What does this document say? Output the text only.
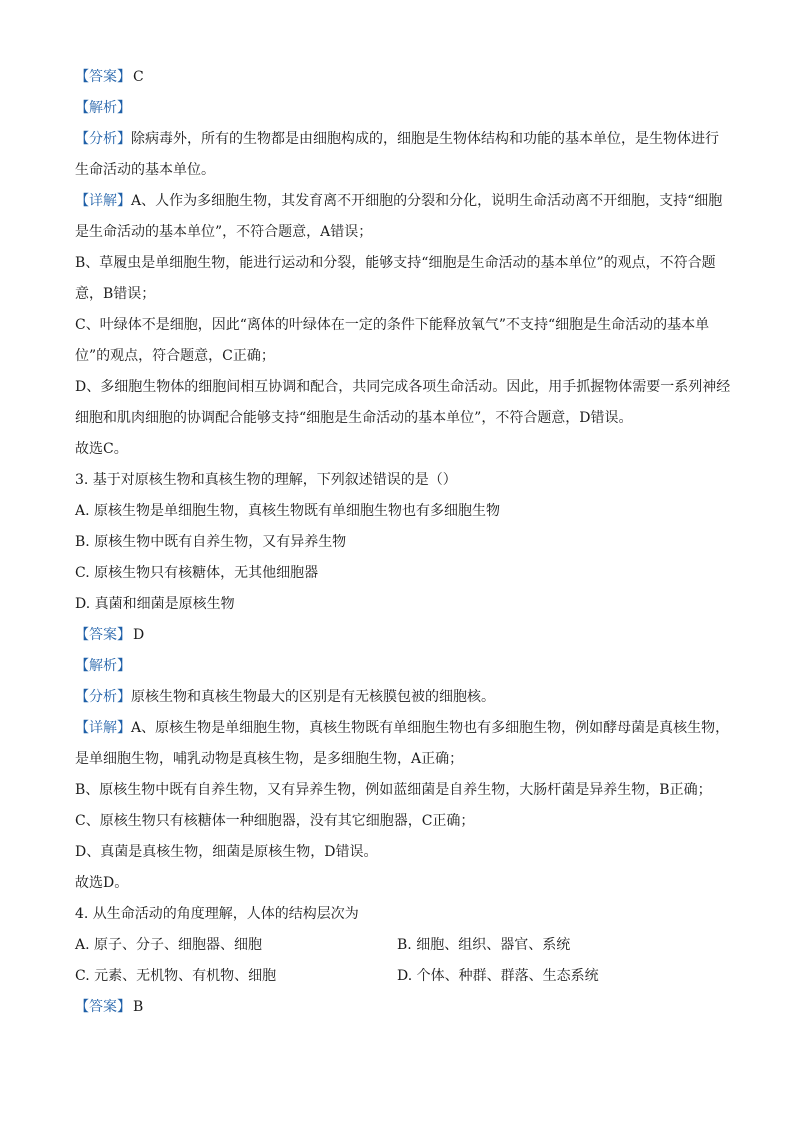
【答案】 C
【解析】
【分析】除病毒外，所有的生物都是由细胞构成的，细胞是生物体结构和功能的基本单位，是生物体进行
生命活动的基本单位。
【详解】A、人作为多细胞生物，其发育离不开细胞的分裂和分化，说明生命活动离不开细胞，支持“细胞
是生命活动的基本单位”，不符合题意，A错误；
B、草履虫是单细胞生物，能进行运动和分裂，能够支持“细胞是生命活动的基本单位”的观点，不符合题
意，B错误；
C、叶绿体不是细胞，因此“离体的叶绿体在一定的条件下能释放氧气”不支持“细胞是生命活动的基本单
位”的观点，符合题意，C正确；
D、多细胞生物体的细胞间相互协调和配合，共同完成各项生命活动。因此，用手抓握物体需要一系列神经
细胞和肌肉细胞的协调配合能够支持“细胞是生命活动的基本单位”，不符合题意，D错误。
故选C。
3. 基于对原核生物和真核生物的理解，下列叙述错误的是（）
A. 原核生物是单细胞生物，真核生物既有单细胞生物也有多细胞生物
B. 原核生物中既有自养生物，又有异养生物
C. 原核生物只有核糖体，无其他细胞器
D. 真菌和细菌是原核生物
【答案】 D
【解析】
【分析】原核生物和真核生物最大的区别是有无核膜包被的细胞核。
【详解】A、原核生物是单细胞生物，真核生物既有单细胞生物也有多细胞生物，例如酵母菌是真核生物，
是单细胞生物，哺乳动物是真核生物，是多细胞生物，A正确；
B、原核生物中既有自养生物，又有异养生物，例如蓝细菌是自养生物，大肠杆菌是异养生物，B正确；
C、原核生物只有核糖体一种细胞器，没有其它细胞器，C正确；
D、真菌是真核生物，细菌是原核生物，D错误。
故选D。
4. 从生命活动的角度理解，人体的结构层次为
A. 原子、分子、细胞器、细胞	B. 细胞、组织、器官、系统
C. 元素、无机物、有机物、细胞	D. 个体、种群、群落、生态系统
【答案】 B
